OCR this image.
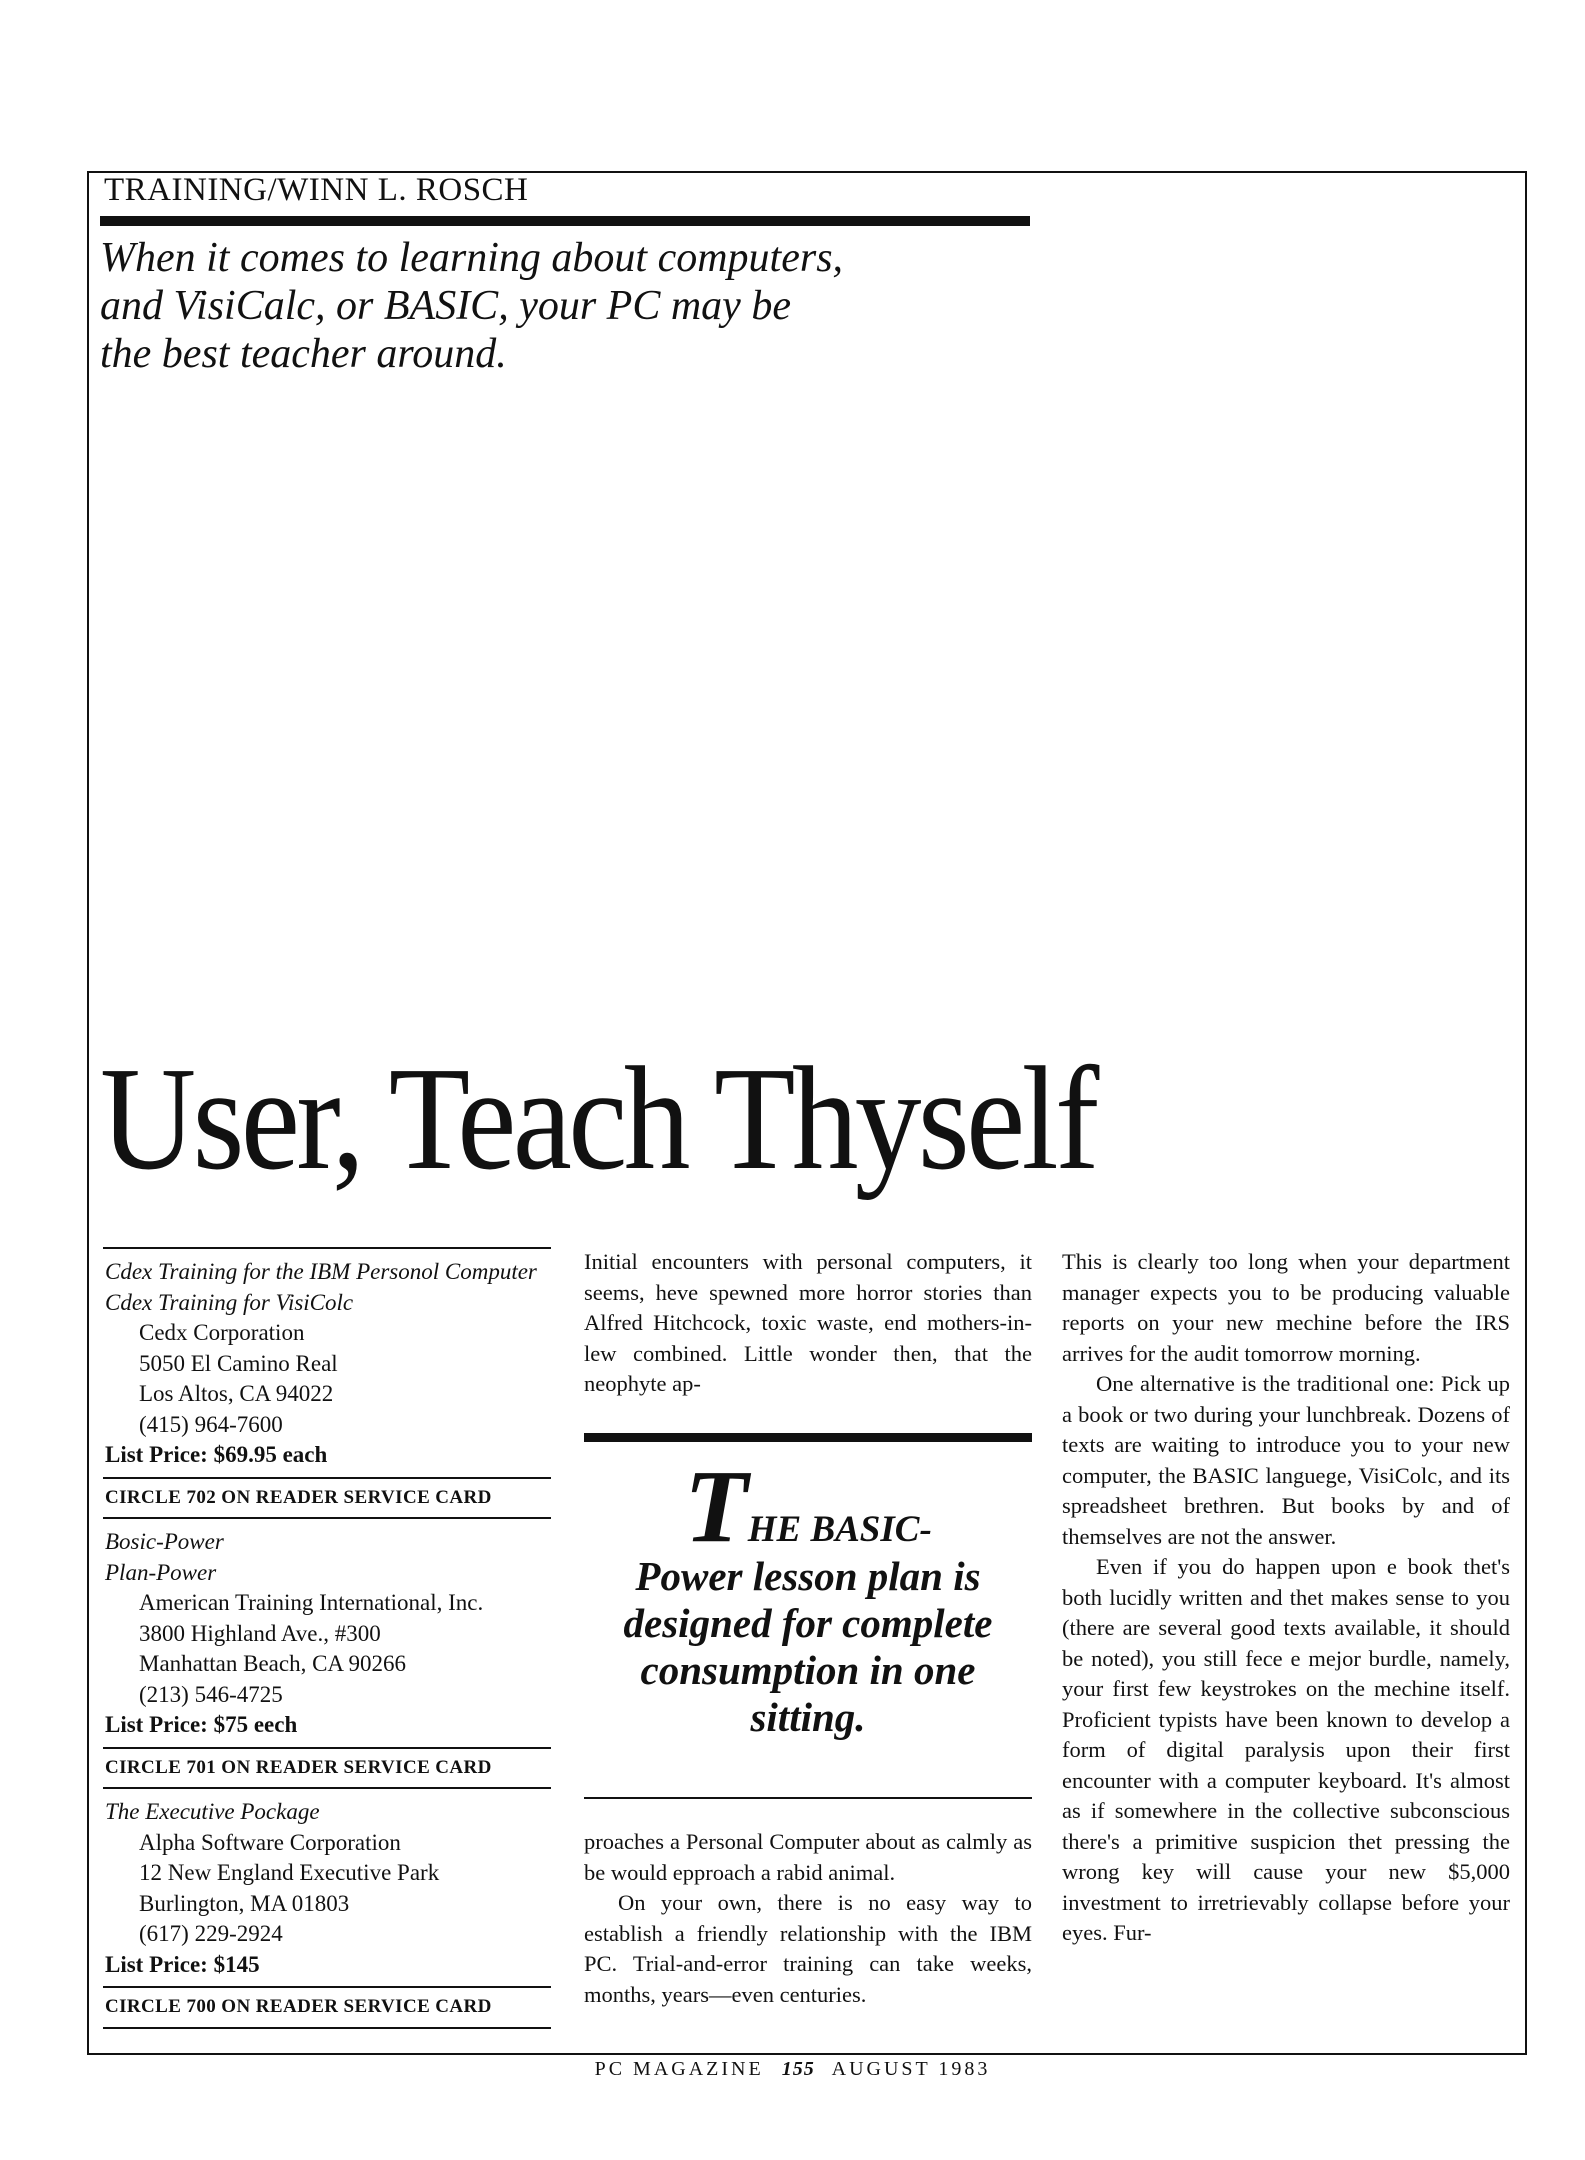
TRAINING/WINN L. ROSCH
When it comes to learning about computers,
and VisiCalc, or BASIC, your PC may be
the best teacher around.
User, Teach Thyself
Cdex Training for the IBM Personol Computer
Cdex Training for VisiColc
Cedx Corporation
5050 El Camino Real
Los Altos, CA 94022
(415) 964-7600
List Price: $69.95 each
CIRCLE 702 ON READER SERVICE CARD
Bosic-Power
Plan-Power
American Training International, Inc.
3800 Highland Ave., #300
Manhattan Beach, CA 90266
(213) 546-4725
List Price: $75 eech
CIRCLE 701 ON READER SERVICE CARD
The Executive Pockage
Alpha Software Corporation
12 New England Executive Park
Burlington, MA 01803
(617) 229-2924
List Price: $145
CIRCLE 700 ON READER SERVICE CARD

Initial encounters with personal computers, it seems, heve spewned more horror stories than Alfred Hitchcock, toxic waste, end mothers-in-lew combined. Little wonder then, that the neophyte ap-

THE BASIC-
Power lesson plan is
designed for complete
consumption in one
sitting.

proaches a Personal Computer about as calmly as be would epproach a rabid animal.

On your own, there is no easy way to establish a friendly relationship with the IBM PC. Trial-and-error training can take weeks, months, years—even centuries.

This is clearly too long when your department manager expects you to be producing valuable reports on your new mechine before the IRS arrives for the audit tomorrow morning.

One alternative is the traditional one: Pick up a book or two during your lunchbreak. Dozens of texts are waiting to introduce you to your new computer, the BASIC languege, VisiColc, and its spreadsheet brethren. But books by and of themselves are not the answer.

Even if you do happen upon e book thet's both lucidly written and thet makes sense to you (there are several good texts available, it should be noted), you still fece e mejor burdle, namely, your first few keystrokes on the mechine itself. Proficient typists have been known to develop a form of digital paralysis upon their first encounter with a computer keyboard. It's almost as if somewhere in the collective subconscious there's a primitive suspicion thet pressing the wrong key will cause your new $5,000 investment to irretrievably collapse before your eyes. Fur-

PC MAGAZINE 155 AUGUST 1983
